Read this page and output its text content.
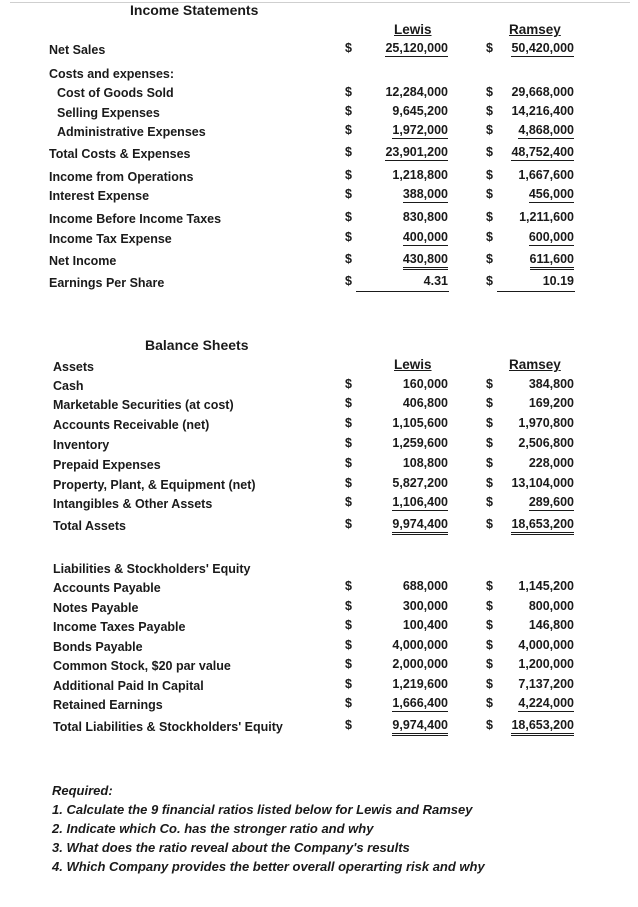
Income Statements
Lewis	Ramsey
Net Sales	$	25,120,000	$ 50,420,000
Costs and expenses:
Cost of Goods Sold	$	12,284,000	$ 29,668,000
Selling Expenses	$	9,645,200	$ 14,216,400
Administrative Expenses	$	1,972,000	$ 4,868,000
Total Costs & Expenses	$	23,901,200	$ 48,752,400
Income from Operations	$	1,218,800	$ 1,667,600
Interest Expense	$	388,000	$	456,000
Income Before Income Taxes	$	830,800	$ 1,211,600
Income Tax Expense	$	400,000	$	600,000
Net Income	$	430,800	$	611,600
Earnings Per Share	$	4.31	$	10.19
Balance Sheets
Lewis	Ramsey
Assets
Cash	$	160,000	$	384,800
Marketable Securities (at cost)	$	406,800	$	169,200
Accounts Receivable (net)	$	1,105,600	$ 1,970,800
Inventory	$	1,259,600	$ 2,506,800
Prepaid Expenses	$	108,800	$	228,000
Property, Plant, & Equipment (net)	$	5,827,200	$ 13,104,000
Intangibles & Other Assets	$	1,106,400	$	289,600
Total Assets	$	9,974,400	$ 18,653,200
Liabilities & Stockholders' Equity
Accounts Payable	$	688,000	$ 1,145,200
Notes Payable	$	300,000	$	800,000
Income Taxes Payable	$	100,400	$	146,800
Bonds Payable	$	4,000,000	$ 4,000,000
Common Stock, $20 par value	$	2,000,000	$ 1,200,000
Additional Paid In Capital	$	1,219,600	$ 7,137,200
Retained Earnings	$	1,666,400	$ 4,224,000
Total Liabilities & Stockholders' Equity	$	9,974,400	$ 18,653,200
Required:
1. Calculate the 9 financial ratios listed below for Lewis and Ramsey
2. Indicate which Co. has the stronger ratio and why
3. What does the ratio reveal about the Company's results
4. Which Company provides the better overall operarting risk and why
